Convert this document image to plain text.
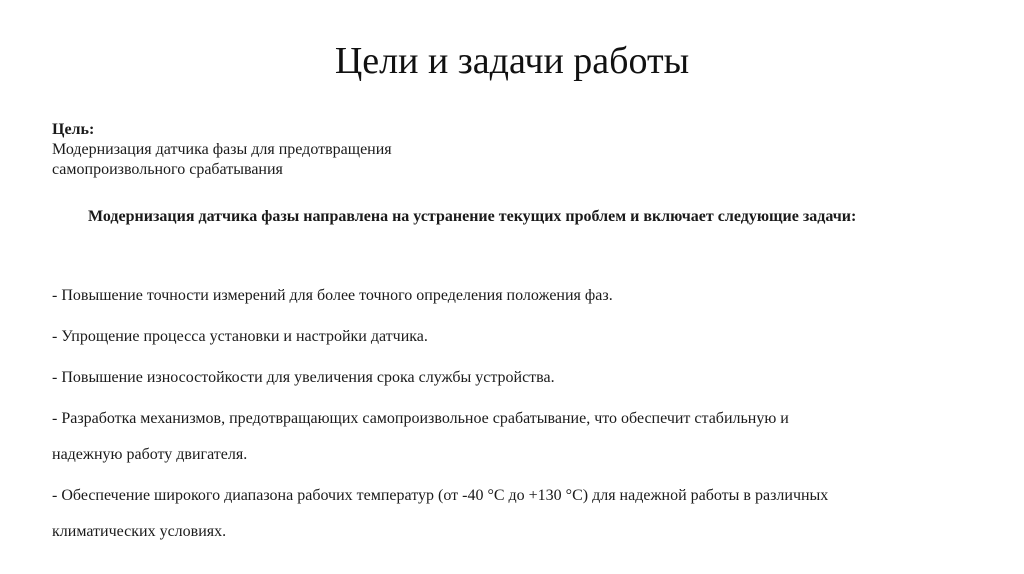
Цели и задачи работы
Цель:
Модернизация датчика фазы для предотвращения самопроизвольного срабатывания

Модернизация датчика фазы направлена на устранение текущих проблем и включает следующие задачи:

- Повышение точности измерений для более точного определения положения фаз.
- Упрощение процесса установки и настройки датчика.
- Повышение износостойкости для увеличения срока службы устройства.
- Разработка механизмов, предотвращающих самопроизвольное срабатывание, что обеспечит стабильную и надежную работу двигателя.
- Обеспечение широкого диапазона рабочих температур (от -40 °C до +130 °C) для надежной работы в различных климатических условиях.
